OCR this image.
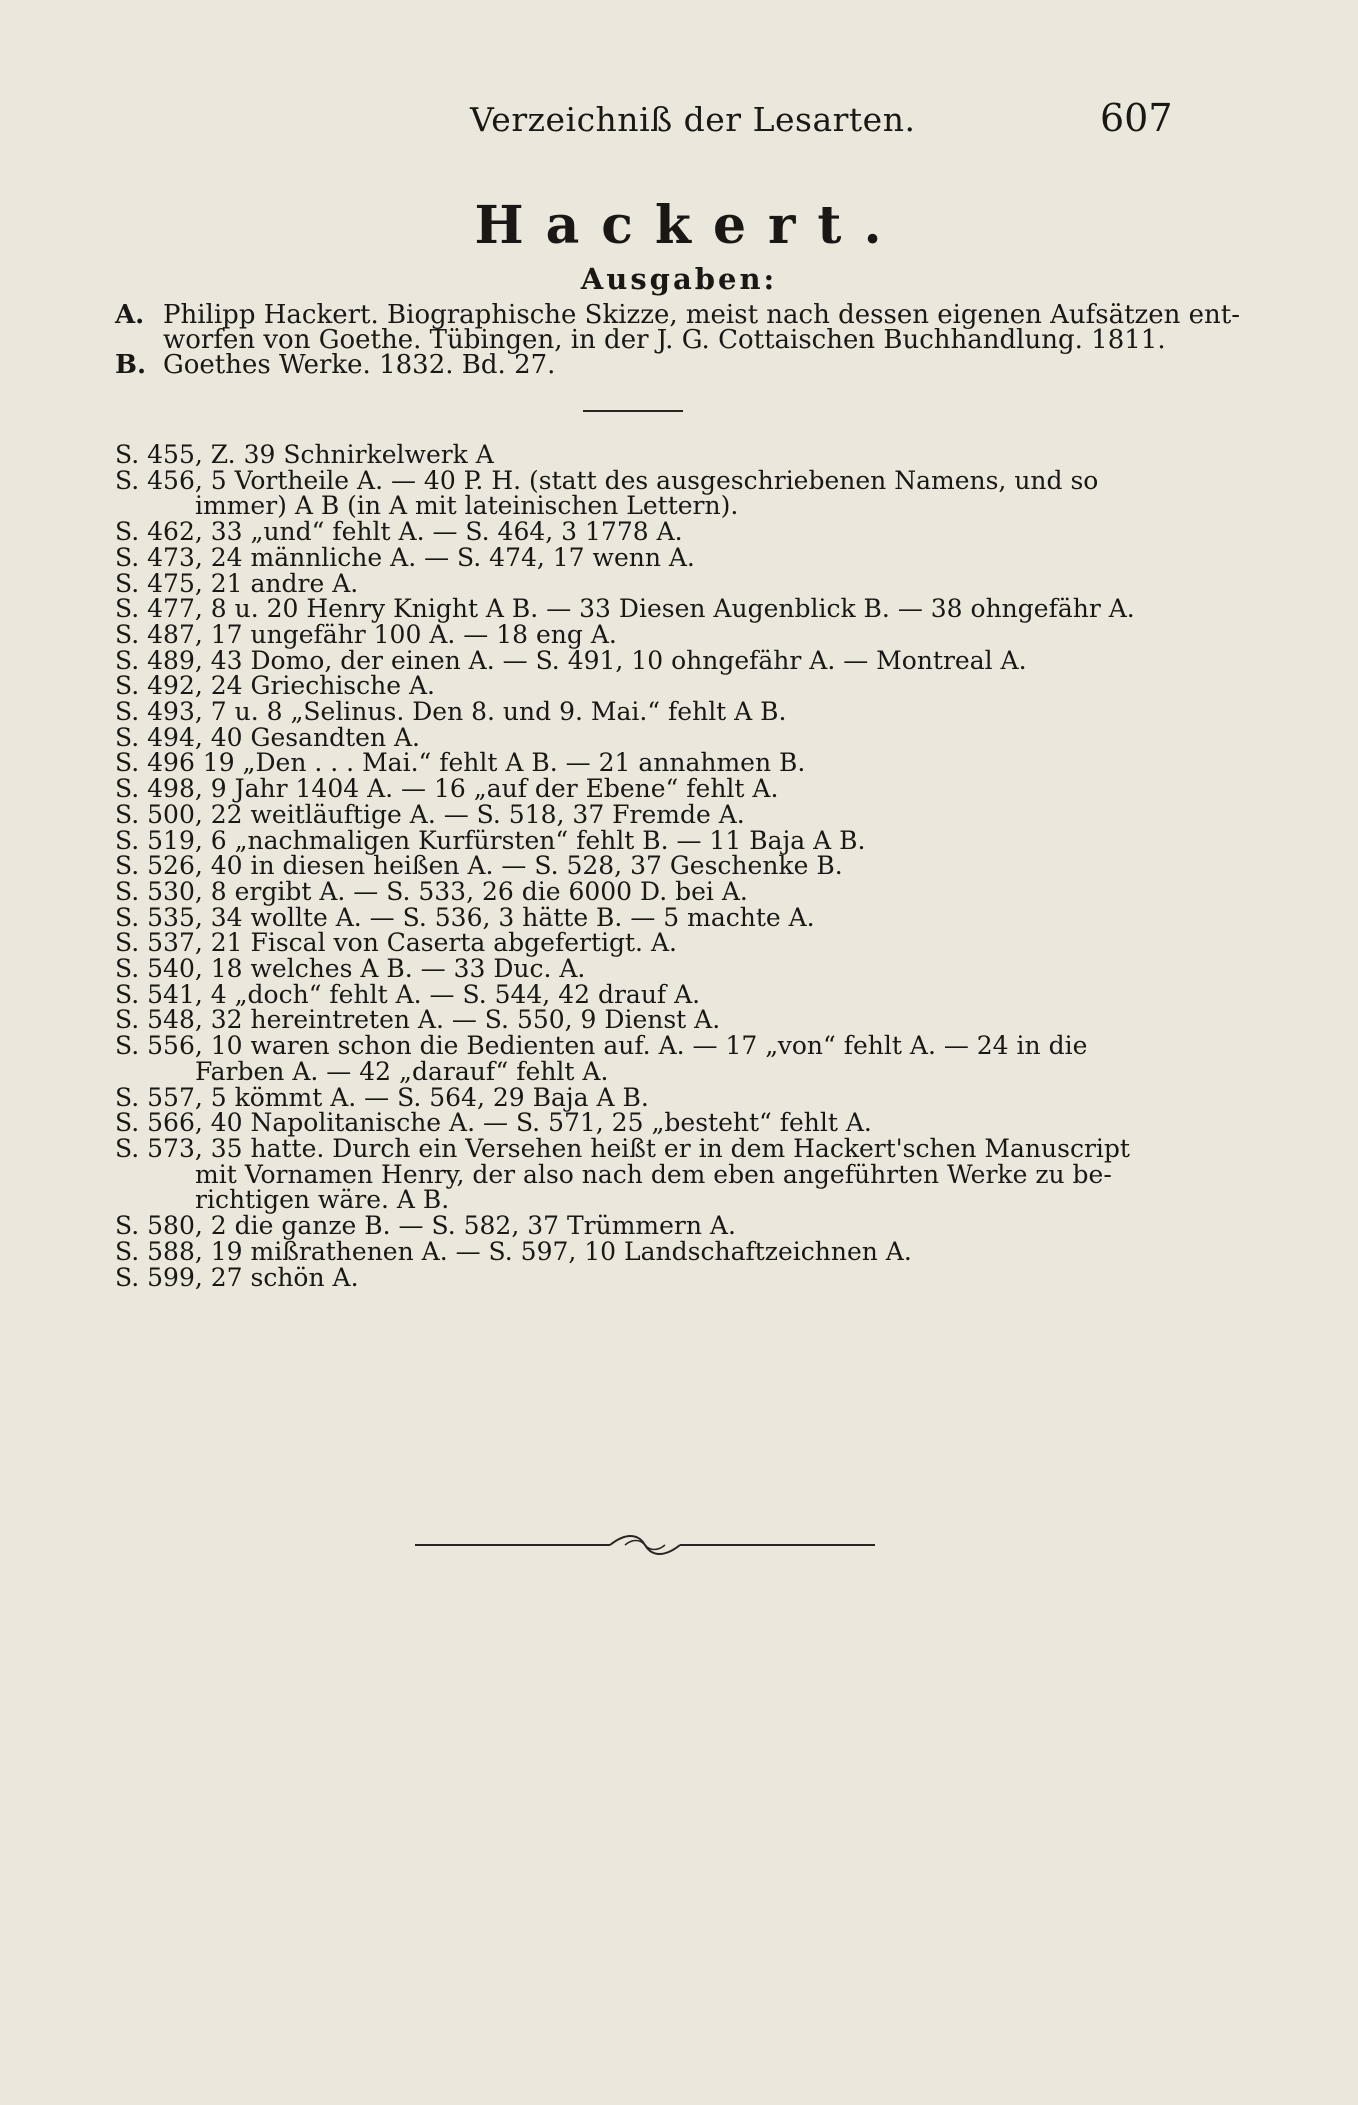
Verzeichniß der Lesarten.	607
Hackert.
Ausgaben:
A. Philipp Hackert. Biographische Skizze, meist nach dessen eigenen Aufsätzen ent-
worfen von Goethe. Tübingen, in der J. G. Cottaischen Buchhandlung. 1811.
B. Goethes Werke. 1832. Bd. 27.

S. 455, Z. 39 Schnirkelwerk A

S. 456, 5 Vortheile A. — 40 P. H. (statt des ausgeschriebenen Namens, und so
immer) A B (in A mit lateinischen Lettern).

S. 462, 33 „und“ fehlt A. — S. 464, 3 1778 A.

S. 473, 24 männliche A. — S. 474, 17 wenn A.

S. 475, 21 andre A.

S. 477, 8 u. 20 Henry Knight A B. — 33 Diesen Augenblick B. — 38 ohngefähr A.

S. 487, 17 ungefähr 100 A. — 18 eng A.

S. 489, 43 Domo, der einen A. — S. 491, 10 ohngefähr A. — Montreal A.

S. 492, 24 Griechische A.

S. 493, 7 u. 8 „Selinus. Den 8. und 9. Mai.“ fehlt A B.

S. 494, 40 Gesandten A.

S. 496 19 „Den . . . Mai.“ fehlt A B. — 21 annahmen B.

S. 498, 9 Jahr 1404 A. — 16 „auf der Ebene“ fehlt A.

S. 500, 22 weitläuftige A. — S. 518, 37 Fremde A.

S. 519, 6 „nachmaligen Kurfürsten“ fehlt B. — 11 Baja A B.

S. 526, 40 in diesen heißen A. — S. 528, 37 Geschenke B.

S. 530, 8 ergibt A. — S. 533, 26 die 6000 D. bei A.

S. 535, 34 wollte A. — S. 536, 3 hätte B. — 5 machte A.

S. 537, 21 Fiscal von Caserta abgefertigt. A.

S. 540, 18 welches A B. — 33 Duc. A.

S. 541, 4 „doch“ fehlt A. — S. 544, 42 drauf A.

S. 548, 32 hereintreten A. — S. 550, 9 Dienst A.

S. 556, 10 waren schon die Bedienten auf. A. — 17 „von“ fehlt A. — 24 in die
Farben A. — 42 „darauf“ fehlt A.

S. 557, 5 kömmt A. — S. 564, 29 Baja A B.

S. 566, 40 Napolitanische A. — S. 571, 25 „besteht“ fehlt A.

S. 573, 35 hatte. Durch ein Versehen heißt er in dem Hackert'schen Manuscript
mit Vornamen Henry, der also nach dem eben angeführten Werke zu be-
richtigen wäre. A B.

S. 580, 2 die ganze B. — S. 582, 37 Trümmern A.

S. 588, 19 mißrathenen A. — S. 597, 10 Landschaftzeichnen A.

S. 599, 27 schön A.
